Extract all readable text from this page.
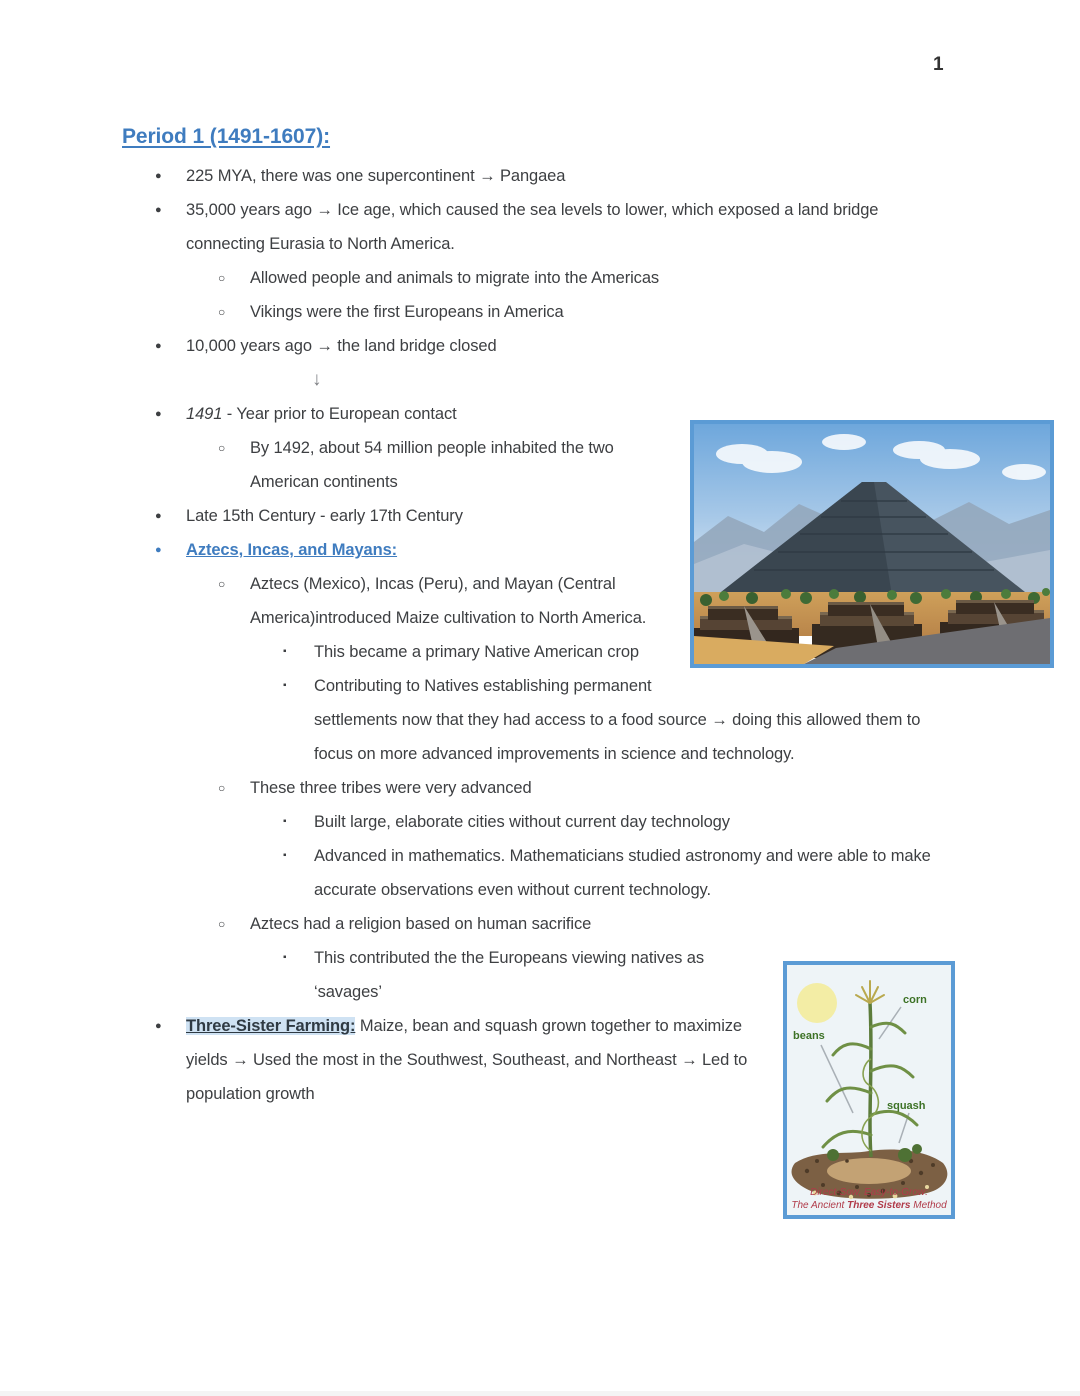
1
Period 1 (1491-1607):
● 225 MYA, there was one supercontinent → Pangaea
● 35,000 years ago → Ice age, which caused the sea levels to lower, which exposed a land bridge connecting Eurasia to North America.
○ Allowed people and animals to migrate into the Americas
○ Vikings were the first Europeans in America
● 10,000 years ago → the land bridge closed
↓
● 1491 - Year prior to European contact
○ By 1492, about 54 million people inhabited the two American continents
● Late 15th Century - early 17th Century
● Aztecs, Incas, and Mayans:
○ Aztecs (Mexico), Incas (Peru), and Mayan (Central America)introduced Maize cultivation to North America.
▪ This became a primary Native American crop
▪ Contributing to Natives establishing permanent settlements now that they had access to a food source → doing this allowed them to focus on more advanced improvements in science and technology.
○ These three tribes were very advanced
▪ Built large, elaborate cities without current day technology
▪ Advanced in mathematics. Mathematicians studied astronomy and were able to make accurate observations even without current technology.
○ Aztecs had a religion based on human sacrifice
beans
corn
squash
Direct-Sow, Easy-to-Grow:
The Ancient Three Sisters Method
▪ This contributed the the Europeans viewing natives as ‘savages’
● Three-Sister Farming: Maize, bean and squash grown together to maximize yields → Used the most in the Southwest, Southeast, and Northeast → Led to population growth
